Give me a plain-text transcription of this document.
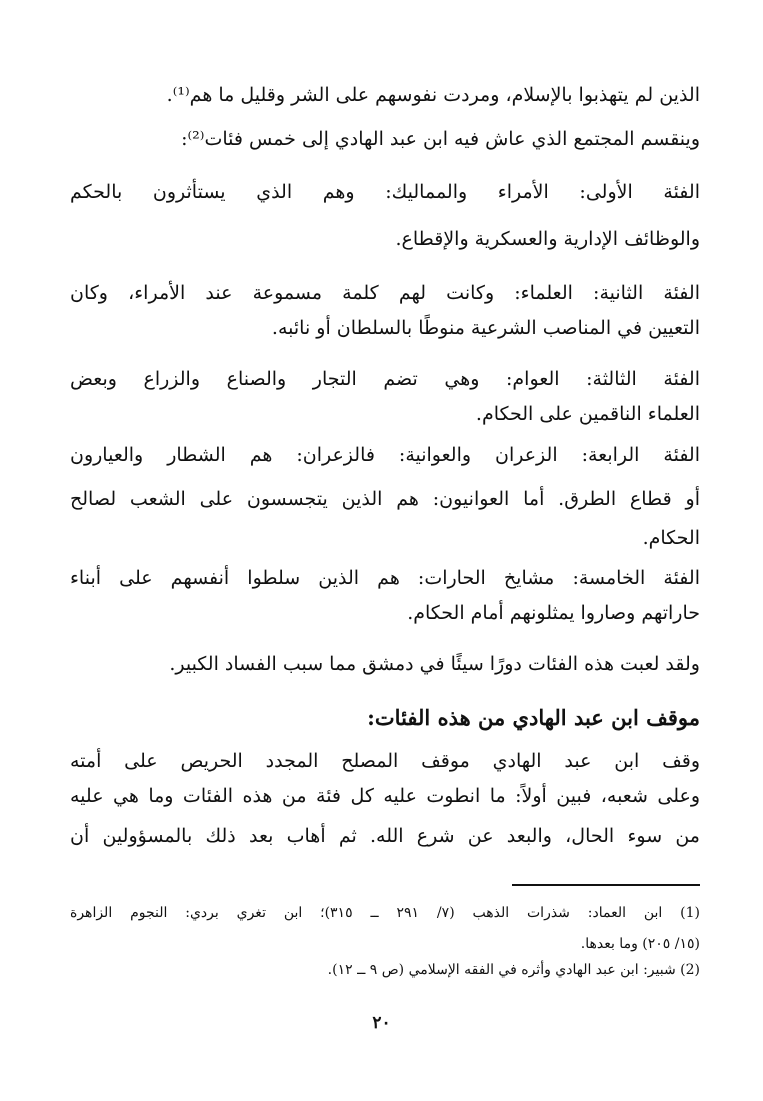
الذين لم يتهذبوا بالإسلام، ومردت نفوسهم على الشر وقليل ما هم⁽¹⁾.
وينقسم المجتمع الذي عاش فيه ابن عبد الهادي إلى خمس فئات⁽²⁾:
الفئة الأولى: الأمراء والمماليك: وهم الذي يستأثرون بالحكم
والوظائف الإدارية والعسكرية والإقطاع.
الفئة الثانية: العلماء: وكانت لهم كلمة مسموعة عند الأمراء، وكان
التعيين في المناصب الشرعية منوطًا بالسلطان أو نائبه.
الفئة الثالثة: العوام: وهي تضم التجار والصناع والزراع وبعض
العلماء الناقمين على الحكام.
الفئة الرابعة: الزعران والعوانية: فالزعران: هم الشطار والعيارون
أو قطاع الطرق. أما العوانيون: هم الذين يتجسسون على الشعب لصالح
الحكام.
الفئة الخامسة: مشايخ الحارات: هم الذين سلطوا أنفسهم على أبناء
حاراتهم وصاروا يمثلونهم أمام الحكام.
ولقد لعبت هذه الفئات دورًا سيئًا في دمشق مما سبب الفساد الكبير.
موقف ابن عبد الهادي من هذه الفئات:
وقف ابن عبد الهادي موقف المصلح المجدد الحريص على أمته
وعلى شعبه، فبين أولاً: ما انطوت عليه كل فئة من هذه الفئات وما هي عليه
من سوء الحال، والبعد عن شرع الله. ثم أهاب بعد ذلك بالمسؤولين أن
(1) ابن العماد: شذرات الذهب (٧/ ٢٩١ ــ ٣١٥)؛ ابن تغري بردي: النجوم الزاهرة
(١٥/ ٢٠٥) وما بعدها.
(2) شبير: ابن عبد الهادي وأثره في الفقه الإسلامي (ص ٩ ــ ١٢).
٢٠
